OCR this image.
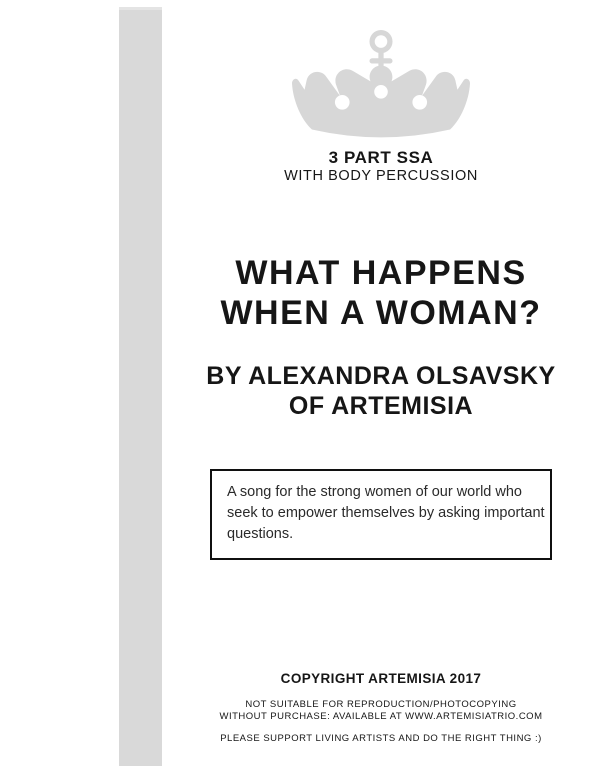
3 PART SSA
WITH BODY PERCUSSION
WHAT HAPPENS
WHEN A WOMAN?
BY ALEXANDRA OLSAVSKY
OF ARTEMISIA
A song for the strong women of our world who
seek to empower themselves by asking important
questions.
COPYRIGHT ARTEMISIA 2017
NOT SUITABLE FOR REPRODUCTION/PHOTOCOPYING
WITHOUT PURCHASE: AVAILABLE AT WWW.ARTEMISIATRIO.COM
PLEASE SUPPORT LIVING ARTISTS AND DO THE RIGHT THING :)
